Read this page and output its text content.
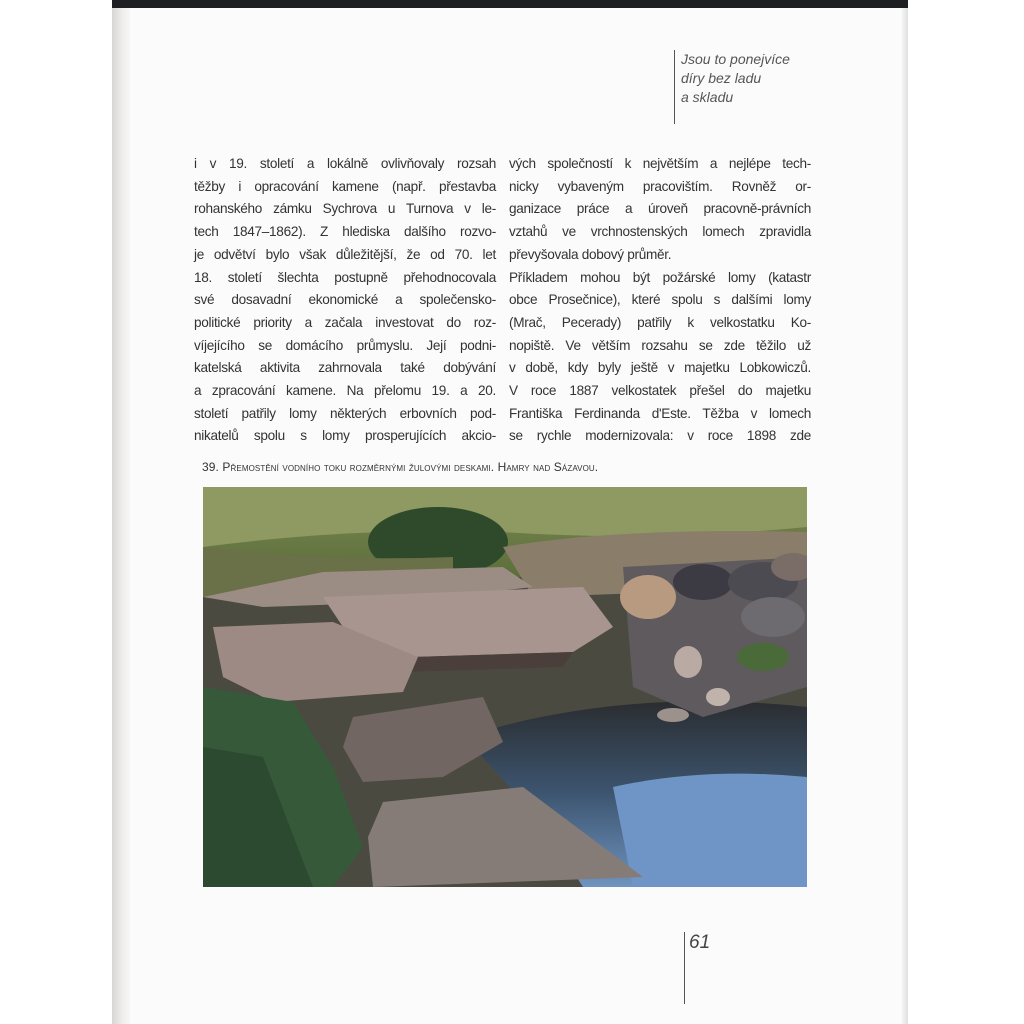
Jsou to ponejvíce
díry bez ladu
a skladu
i v 19. století a lokálně ovlivňovaly rozsah
těžby i opracování kamene (např. přestavba
rohanského zámku Sychrova u Turnova v le-
tech 1847–1862). Z hlediska dalšího rozvo-
je odvětví bylo však důležitější, že od 70. let
18. století šlechta postupně přehodnocovala
své dosavadní ekonomické a společensko-
politické priority a začala investovat do roz-
víjejícího se domácího průmyslu. Její podni-
katelská aktivita zahrnovala také dobývání
a zpracování kamene. Na přelomu 19. a 20.
století patřily lomy některých erbovních pod-
nikatelů spolu s lomy prosperujících akcio-
vých společností k největším a nejlépe tech-
nicky vybaveným pracovištím. Rovněž or-
ganizace práce a úroveň pracovně-právních
vztahů ve vrchnostenských lomech zpravidla
převyšovala dobový průměr.
Příkladem mohou být požárské lomy (katastr
obce Prosečnice), které spolu s dalšími lomy
(Mrač, Pecerady) patřily k velkostatku Ko-
nopiště. Ve větším rozsahu se zde těžilo už
v době, kdy byly ještě v majetku Lobkowiczů.
V roce 1887 velkostatek přešel do majetku
Františka Ferdinanda d'Este. Těžba v lomech
se rychle modernizovala: v roce 1898 zde
39. Přemostění vodního toku rozměrnými žulovými deskami. Hamry nad Sázavou.
61
